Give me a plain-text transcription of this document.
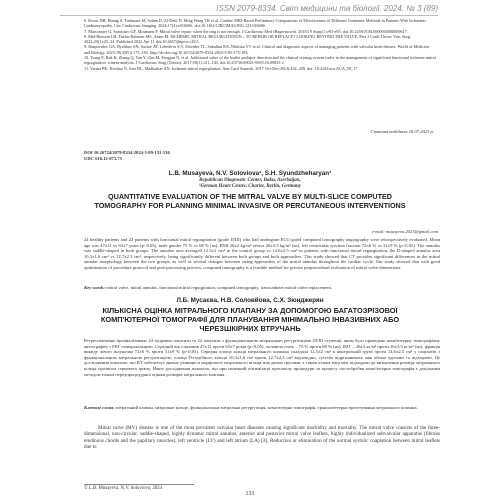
ISSN 2079-8334. Світ медицини та біології. 2024. № 3 (89)
6. Kwon DH, Huang S, Turkmani M, Salam D, Al-Dabi D, Ming Wang TK et al. Cardiac MRI-Based Preliminary Comparisons of Effectiveness of Different Treatment Methods in Patients With Ischaemic Cardiomyopathy. Circ Cardiovasc Imaging. 2024;17(4):e016066. doi:10.1161/CIRCIMAGING.123.016066.
7. Maisonnier G, Sarracino GF, Mosmann F. Mitral valve repair: when the ring is not enough. J Cardiovasc Med (Hagerstown). 2018;19 Suppl 1:e93-e95. doi:10.2459/JCM.0000000000000617.
8. Mal-Hussein LH, Fazlur-Rahman MS, Azam M. ISCHEMIC MITRAL REGURGITATION – TO REPAIR OR REPLACE? LOOKING BEYOND THE VALVE. Part 2 Cardi Therac Vasc Surg. 2022;29(1):25–34. Published 2022 Apr 11 doi:10.4657/jbtpcsr.v29.5
9. Shapovalov GA, Ryzhkov SN, Suslov AV, Lebedeva S.V, Shreider TL, Sakulina EA, Nikitina VV et al. Clinical and diagnostic aspects of managing patients with valvular heart disease. World of Medicine and Biology. 2023;19(3(85)):175–183. http://dx.doi.org/10.26724/2079-8334-2023-3-85-175-183.
10. Tsang E, Rak K, Zhang Q, Yan Y, Chu M, Fengjun N, et al. Additional value of the leaflet prolapse direction and the clinical scoring system index in the management of significant functional ischemic mitral regurgitation: a meta-analysis. J Cardiovasc Surg (Torino). 2017;58(1):121–130. doi:10.23736/S0021-9509.16.09833-2
11. Varma PK, Krishna N, Jose RL, Madkaikar AN. Ischemic mitral regurgitation. Ann Card Anaesth. 2017 Oct-Dec;20(4):432–439. doi: 10.4103/aca.ACA_58_17
Стаття надійшла 18.07.2023 р.
DOI 10.26724/2079-8334-2024-3-89-131-136
UDC 616.12-073.75
L.B. Musayeva, N.V. Soloviova¹, S.H. Syundzheharyan¹
Republican Diagnostic Center, Baku, Azerbaijan,
¹German Heart Centre, Charite, Berlin, Germany
QUANTITATIVE EVALUATION OF THE MITRAL VALVE BY MULTI-SLICE COMPUTED TOMOGRAPHY FOR PLANNING MINIMAL INVASIVE OR PERCUTANEOUS INTERVENTIONS
e-mail: musayeva.2023@gmail.com
24 healthy patients and 22 patients with functional mitral regurgitation (grade II/III) who had undergone ECG-gated computed tomography angiography were retrospectively evaluated. Mean age was 47±11 vs 63±7 years (p<0.05), male gender 75 % vs 68 % (ns), BMI 26±2 kg/m² versus 26±3.5 kg/m² (ns), left ventricular ejection fraction 72±6 % vs 31±9 % (p<0.05). The annulus was saddle-shaped in both groups. The annulus area averaged 12.5±2 cm² in the control group vs 14.6±2.5 cm² in patients with functional mitral regurgitation, the D-shaped annulus area 10.3±1.6 cm² vs 12.7±2.3 cm², respectively, being significantly different between both groups and both approaches. This study showed that CT provides significant differences in the mitral annular morphology between the two groups, as well as several changes between sizing approaches of the mitral annulus throughout the cardiac cycle. Our study showed that with good optimization of procedure protocol and post-processing process, computed tomography is a feasible method for precise preprocedural evaluation of mitral valve dimensions.
Key words: mitral valve, mitral annulus, functional mitral regurgitation, computed tomography, transcatheter mitral valve replacement.
Л.Б. Мусаєва, Н.В. Соловйова, С.Х. Зюнджерян
КІЛЬКІСНА ОЦІНКА МІТРАЛЬНОГО КЛАПАНУ ЗА ДОПОМОГОЮ БАГАТОЗРІЗОВОЇ КОМП'ЮТЕРНОЇ ТОМОГРАФІЇ ДЛЯ ПЛАНУВАННЯ МІНІМАЛЬНО ІНВАЗИВНИХ АБО ЧЕРЕЗШКІРНИХ ВТРУЧАНЬ
Ретроспективно проаналізовано 24 здорових пацієнти та 22 пацієнти з функціональною мітральною регургітацією (II/III ступеня), яким було проведено комп'ютерну томографічну ангіографію з ЕКГ-синхронізацією. Середній вік становив 47±11 проти 63±7 років (р<0,05), чоловіча стать – 75 % проти 68 % (нз), ІМТ – 26±2 кг/м² проти 26±3,5 кг/м² (нз), фракція викиду лівого шлуночка 72±6 % проти 31±9 % (р<0,05). Середня площа кільця мітрального клапана складала 12,5±2 см² в контрольній групі проти 14,6±2,5 см² у пацієнтів з функціональною мітральною регургітацією, площа D-подібного кільця 10,3±1,6 см² проти 12,7±2,3 см² відповідно, суттєво відрізняючись між обома групами та підходами. Це дослідження показало, що КТ забезпечує значну різницю в морфології мітрального кільця між двома групами, а також кілька змін між підходами до визначення розміру мітрального кільця протягом серцевого циклу. Наше дослідження показало, що при належній оптимізації протоколу процедури та процесу постобробки комп'ютерна томографія є доцільним методом точної передпроцедурної оцінки розмірів мітрального клапана.
Ключові слова: мітральний клапан, мітральне кільце, функціональна мітральна регургітація, комп'ютерна томографія, транскатетерна протезування мітрального клапана.
Mitral valve (MV) disease is one of the most prevalent valvular heart diseases causing significant morbidity and mortality. The mitral valve consists of the three-dimensional, non-circular, saddle-shaped, highly dynamic mitral annulus, anterior and posterior mitral valve leaflets, highly individualized subvalvular apparatus (fibrous tendinous chords and the papillary muscles), left ventricle (LV) and left atrium (LA) [3]. Reduction or elimination of the normal systolic coaptation between mitral leaflets due to
© L.B. Musayeva, N.V. Soloviova, 2024
131
